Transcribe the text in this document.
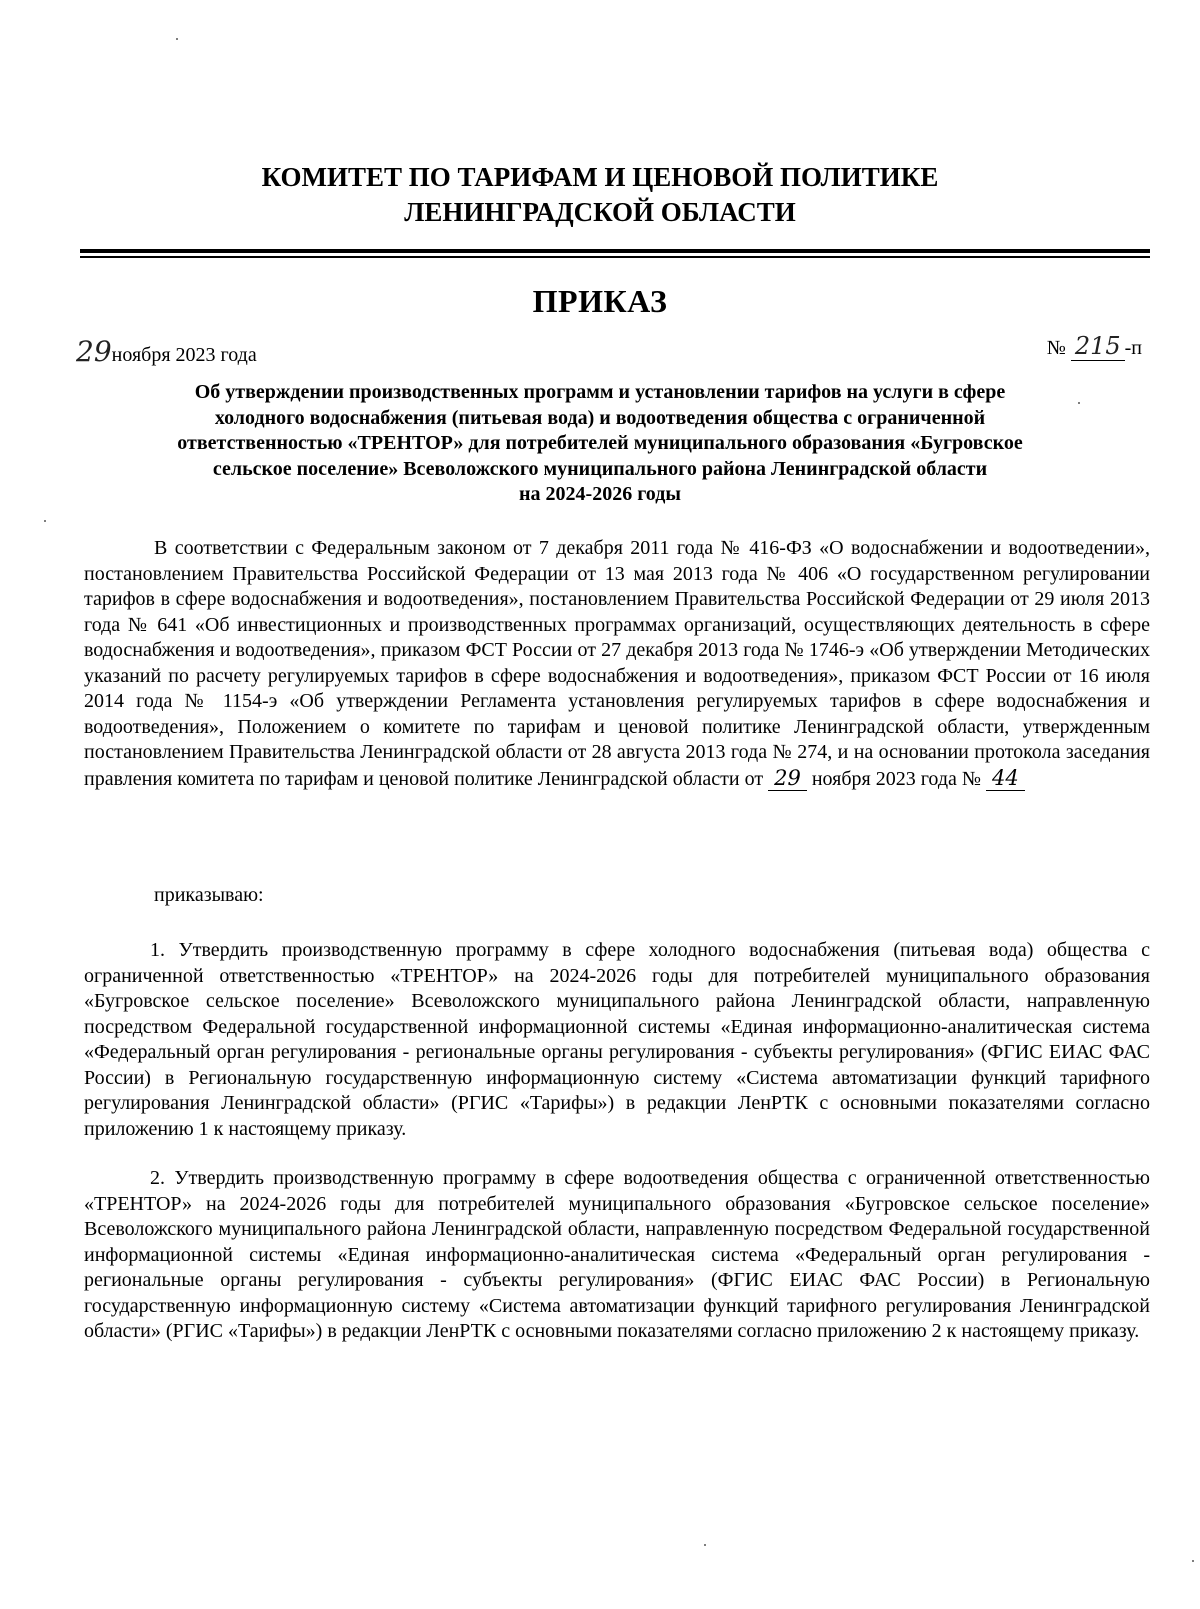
КОМИТЕТ ПО ТАРИФАМ И ЦЕНОВОЙ ПОЛИТИКЕ
ЛЕНИНГРАДСКОЙ ОБЛАСТИ
ПРИКАЗ
29ноября 2023 года	№ 215 -п
Об утверждении производственных программ и установлении тарифов на услуги в сфере
холодного водоснабжения (питьевая вода) и водоотведения общества с ограниченной
ответственностью «ТРЕНТОР» для потребителей муниципального образования «Бугровское
сельское поселение» Всеволожского муниципального района Ленинградской области
на 2024-2026 годы
В соответствии с Федеральным законом от 7 декабря 2011 года № 416-ФЗ «О водоснабжении и водоотведении», постановлением Правительства Российской Федерации от 13 мая 2013 года № 406 «О государственном регулировании тарифов в сфере водоснабжения и водоотведения», постановлением Правительства Российской Федерации от 29 июля 2013 года № 641 «Об инвестиционных и производственных программах организаций, осуществляющих деятельность в сфере водоснабжения и водоотведения», приказом ФСТ России от 27 декабря 2013 года № 1746-э «Об утверждении Методических указаний по расчету регулируемых тарифов в сфере водоснабжения и водоотведения», приказом ФСТ России от 16 июля 2014 года № 1154-э «Об утверждении Регламента установления регулируемых тарифов в сфере водоснабжения и водоотведения», Положением о комитете по тарифам и ценовой политике Ленинградской области, утвержденным постановлением Правительства Ленинградской области от 28 августа 2013 года № 274, и на основании протокола заседания правления комитета по тарифам и ценовой политике Ленинградской области от 29 ноября 2023 года № 44
приказываю:
1. Утвердить производственную программу в сфере холодного водоснабжения (питьевая вода) общества с ограниченной ответственностью «ТРЕНТОР» на 2024-2026 годы для потребителей муниципального образования «Бугровское сельское поселение» Всеволожского муниципального района Ленинградской области, направленную посредством Федеральной государственной информационной системы «Единая информационно-аналитическая система «Федеральный орган регулирования - региональные органы регулирования - субъекты регулирования» (ФГИС ЕИАС ФАС России) в Региональную государственную информационную систему «Система автоматизации функций тарифного регулирования Ленинградской области» (РГИС «Тарифы») в редакции ЛенРТК с основными показателями согласно приложению 1 к настоящему приказу.
2. Утвердить производственную программу в сфере водоотведения общества с ограниченной ответственностью «ТРЕНТОР» на 2024-2026 годы для потребителей муниципального образования «Бугровское сельское поселение» Всеволожского муниципального района Ленинградской области, направленную посредством Федеральной государственной информационной системы «Единая информационно-аналитическая система «Федеральный орган регулирования - региональные органы регулирования - субъекты регулирования» (ФГИС ЕИАС ФАС России) в Региональную государственную информационную систему «Система автоматизации функций тарифного регулирования Ленинградской области» (РГИС «Тарифы») в редакции ЛенРТК с основными показателями согласно приложению 2 к настоящему приказу.
